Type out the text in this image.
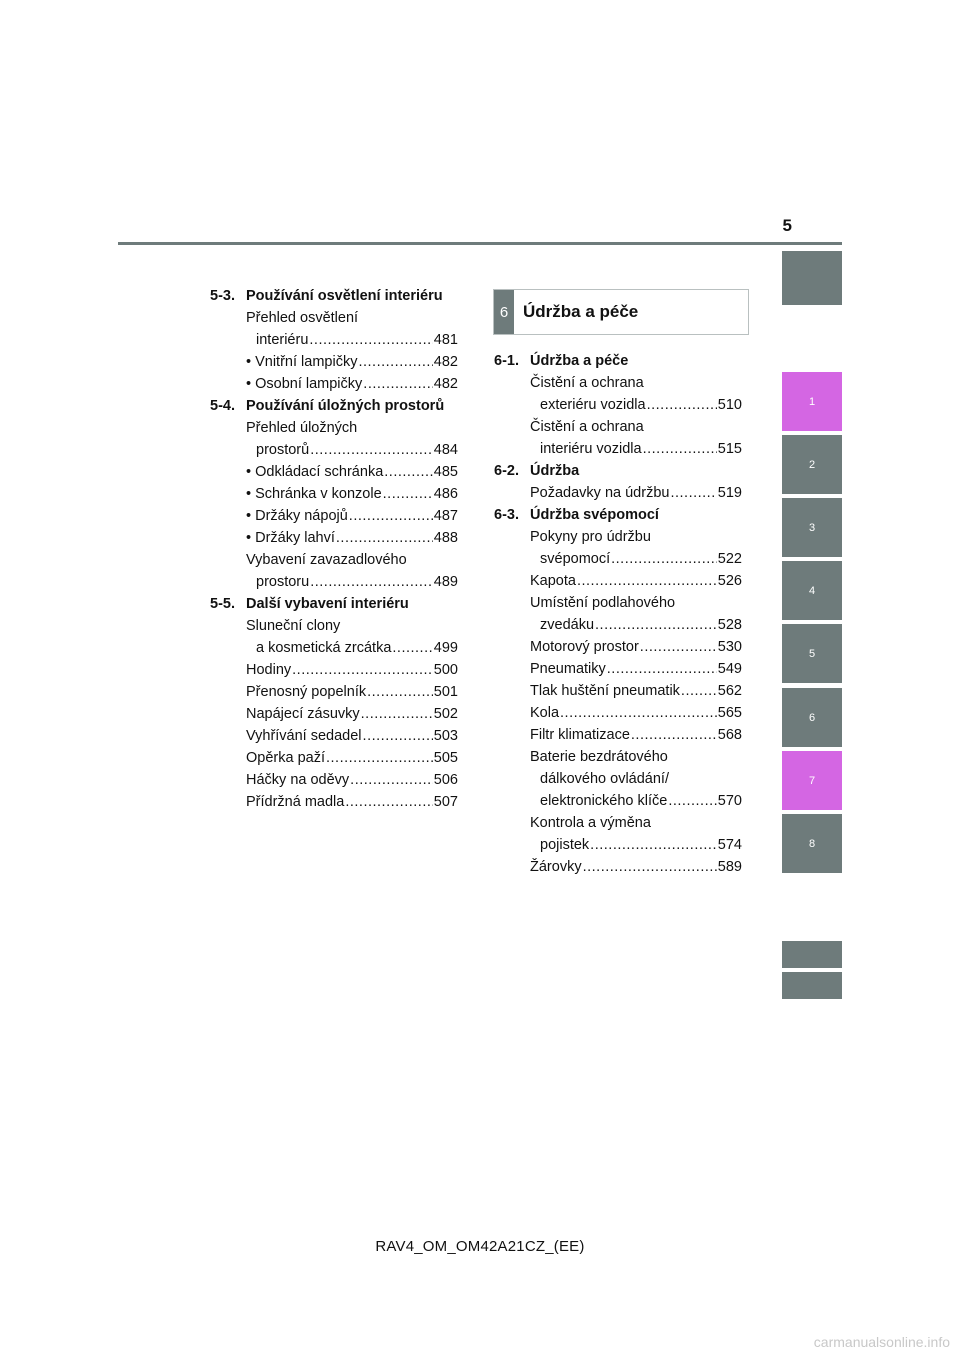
5
5-3. Používání osvětlení interiéru
Přehled osvětlení
interiéru .....	481
• Vnitřní lampičky .....	482
• Osobní lampičky .....	482
5-4. Používání úložných prostorů
Přehled úložných
prostorů .....	484
• Odkládací schránka .....	485
• Schránka v konzole .....	486
• Držáky nápojů .....	487
• Držáky lahví .....	488
Vybavení zavazadlového
prostoru .....	489
5-5. Další vybavení interiéru
Sluneční clony
a kosmetická zrcátka .....	499
Hodiny .....	500
Přenosný popelník .....	501
Napájecí zásuvky .....	502
Vyhřívání sedadel .....	503
Opěrka paží .....	505
Háčky na oděvy .....	506
Přídržná madla .....	507
6 Údržba a péče
6-1. Údržba a péče
Čistění a ochrana
exteriéru vozidla .....	510
Čistění a ochrana
interiéru vozidla .....	515
6-2. Údržba
Požadavky na údržbu .....	519
6-3. Údržba svépomocí
Pokyny pro údržbu
svépomocí .....	522
Kapota .....	526
Umístění podlahového
zvedáku .....	528
Motorový prostor .....	530
Pneumatiky .....	549
Tlak huštění pneumatik .....	562
Kola .....	565
Filtr klimatizace .....	568
Baterie bezdrátového
dálkového ovládání/
elektronického klíče .....	570
Kontrola a výměna
pojistek .....	574
Žárovky .....	589
1
2
3
4
5
6
7
8
RAV4_OM_OM42A21CZ_(EE)
carmanualsonline.info
